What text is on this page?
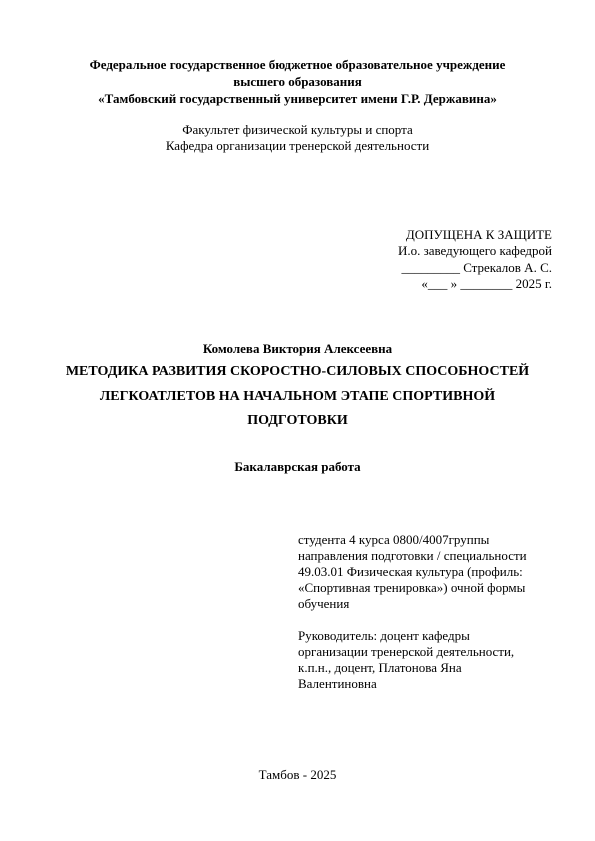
Федеральное государственное бюджетное образовательное учреждение
высшего образования
«Тамбовский государственный университет имени Г.Р. Державина»
Факультет физической культуры и спорта
Кафедра организации тренерской деятельности
ДОПУЩЕНА К ЗАЩИТЕ
И.о. заведующего кафедрой
_________ Стрекалов А. С.
«___ » ________ 2025 г.
Комолева Виктория Алексеевна
МЕТОДИКА РАЗВИТИЯ СКОРОСТНО-СИЛОВЫХ СПОСОБНОСТЕЙ
ЛЕГКОАТЛЕТОВ НА НАЧАЛЬНОМ ЭТАПЕ СПОРТИВНОЙ
ПОДГОТОВКИ
Бакалаврская работа
студента 4 курса 0800/4007группы
направления подготовки / специальности
49.03.01 Физическая культура (профиль:
«Спортивная тренировка») очной формы
обучения
Руководитель: доцент кафедры
организации тренерской деятельности,
к.п.н., доцент, Платонова Яна
Валентиновна
Тамбов - 2025
